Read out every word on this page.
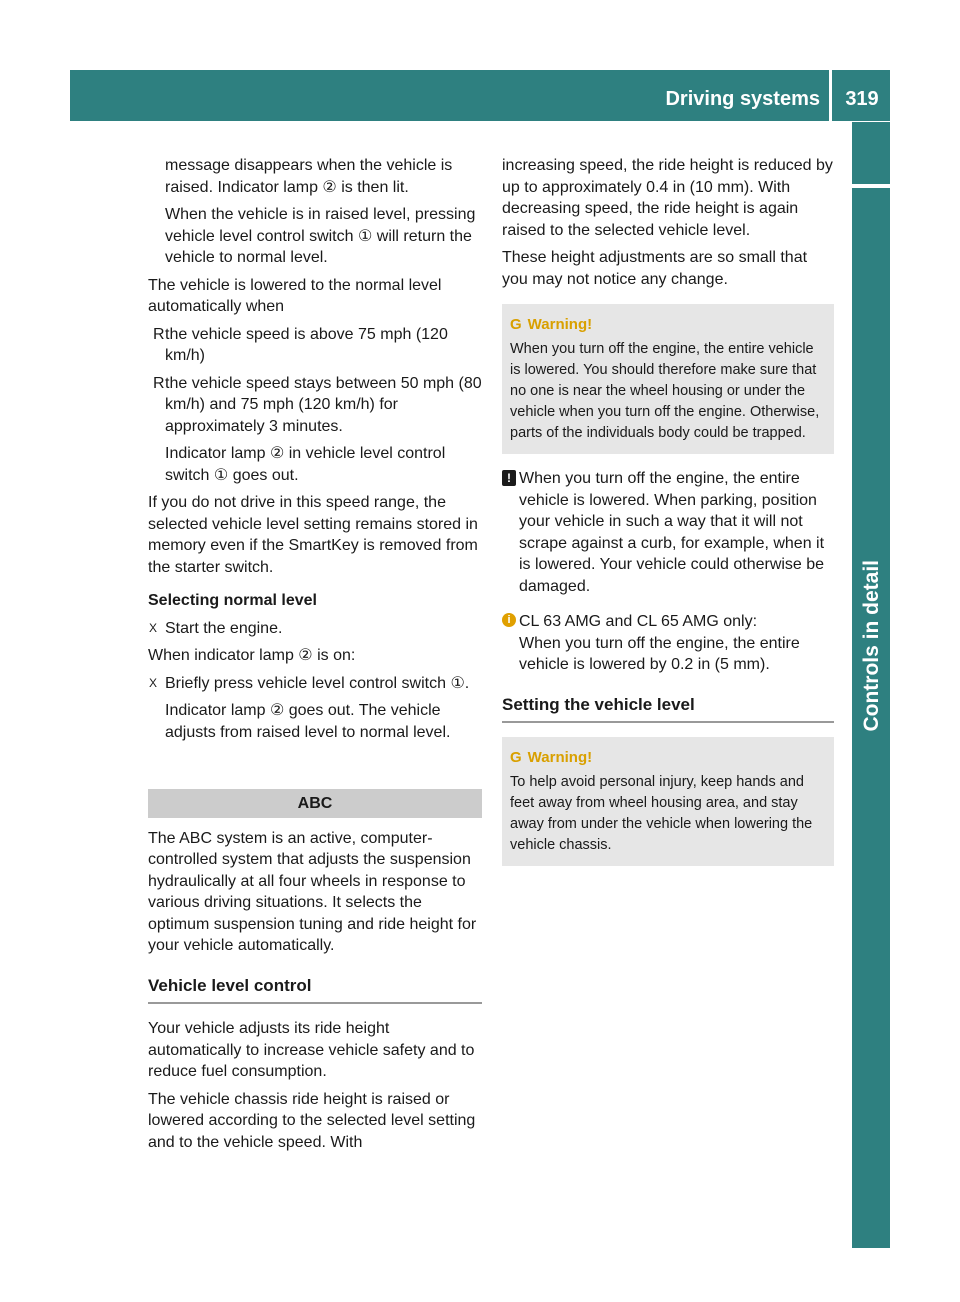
Driving systems	319
Controls in detail

message disappears when the vehicle is raised. Indicator lamp ② is then lit.

When the vehicle is in raised level, pressing vehicle level control switch ① will return the vehicle to normal level.

The vehicle is lowered to the normal level automatically when

R the vehicle speed is above 75 mph (120 km/h)
R the vehicle speed stays between 50 mph (80 km/h) and 75 mph (120 km/h) for approximately 3 minutes.

Indicator lamp ② in vehicle level control switch ① goes out.

If you do not drive in this speed range, the selected vehicle level setting remains stored in memory even if the SmartKey is removed from the starter switch.

Selecting normal level
X Start the engine.

When indicator lamp ② is on:

X Briefly press vehicle level control switch ①.

Indicator lamp ② goes out. The vehicle adjusts from raised level to normal level.

ABC

The ABC system is an active, computer-controlled system that adjusts the suspension hydraulically at all four wheels in response to various driving situations. It selects the optimum suspension tuning and ride height for your vehicle automatically.

Vehicle level control

Your vehicle adjusts its ride height automatically to increase vehicle safety and to reduce fuel consumption.

The vehicle chassis ride height is raised or lowered according to the selected level setting and to the vehicle speed. With

increasing speed, the ride height is reduced by up to approximately 0.4 in (10 mm). With decreasing speed, the ride height is again raised to the selected vehicle level.

These height adjustments are so small that you may not notice any change.

G Warning!
When you turn off the engine, the entire vehicle is lowered. You should therefore make sure that no one is near the wheel housing or under the vehicle when you turn off the engine. Otherwise, parts of the individuals body could be trapped.
! When you turn off the engine, the entire vehicle is lowered. When parking, position your vehicle in such a way that it will not scrape against a curb, for example, when it is lowered. Your vehicle could otherwise be damaged.
i CL 63 AMG and CL 65 AMG only:
When you turn off the engine, the entire vehicle is lowered by 0.2 in (5 mm).
Setting the vehicle level
G Warning!
To help avoid personal injury, keep hands and feet away from wheel housing area, and stay away from under the vehicle when lowering the vehicle chassis.
